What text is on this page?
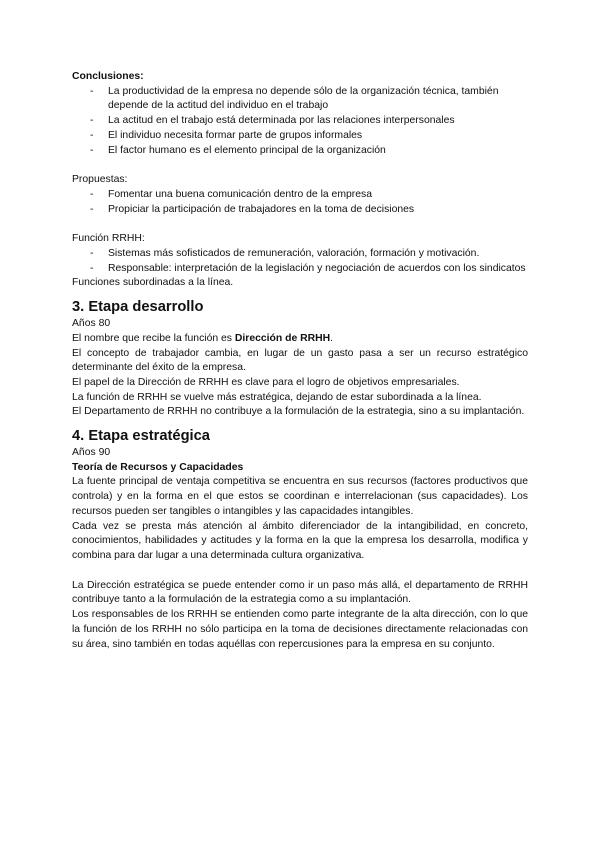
Conclusiones:

- La productividad de la empresa no depende sólo de la organización técnica, también depende de la actitud del individuo en el trabajo
- La actitud en el trabajo está determinada por las relaciones interpersonales
- El individuo necesita formar parte de grupos informales
- El factor humano es el elemento principal de la organización

Propuestas:

- Fomentar una buena comunicación dentro de la empresa
- Propiciar la participación de trabajadores en la toma de decisiones

Función RRHH:

- Sistemas más sofisticados de remuneración, valoración, formación y motivación.
- Responsable: interpretación de la legislación y negociación de acuerdos con los sindicatos

Funciones subordinadas a la línea.

3. Etapa desarrollo

Años 80

El nombre que recibe la función es Dirección de RRHH.

El concepto de trabajador cambia, en lugar de un gasto pasa a ser un recurso estratégico determinante del éxito de la empresa.

El papel de la Dirección de RRHH es clave para el logro de objetivos empresariales.

La función de RRHH se vuelve más estratégica, dejando de estar subordinada a la línea.

El Departamento de RRHH no contribuye a la formulación de la estrategia, sino a su implantación.

4. Etapa estratégica

Años 90

Teoría de Recursos y Capacidades

La fuente principal de ventaja competitiva se encuentra en sus recursos (factores productivos que controla) y en la forma en el que estos se coordinan e interrelacionan (sus capacidades). Los recursos pueden ser tangibles o intangibles y las capacidades intangibles.

Cada vez se presta más atención al ámbito diferenciador de la intangibilidad, en concreto, conocimientos, habilidades y actitudes y la forma en la que la empresa los desarrolla, modifica y combina para dar lugar a una determinada cultura organizativa.

La Dirección estratégica se puede entender como ir un paso más allá, el departamento de RRHH contribuye tanto a la formulación de la estrategia como a su implantación.

Los responsables de los RRHH se entienden como parte integrante de la alta dirección, con lo que la función de los RRHH no sólo participa en la toma de decisiones directamente relacionadas con su área, sino también en todas aquéllas con repercusiones para la empresa en su conjunto.
